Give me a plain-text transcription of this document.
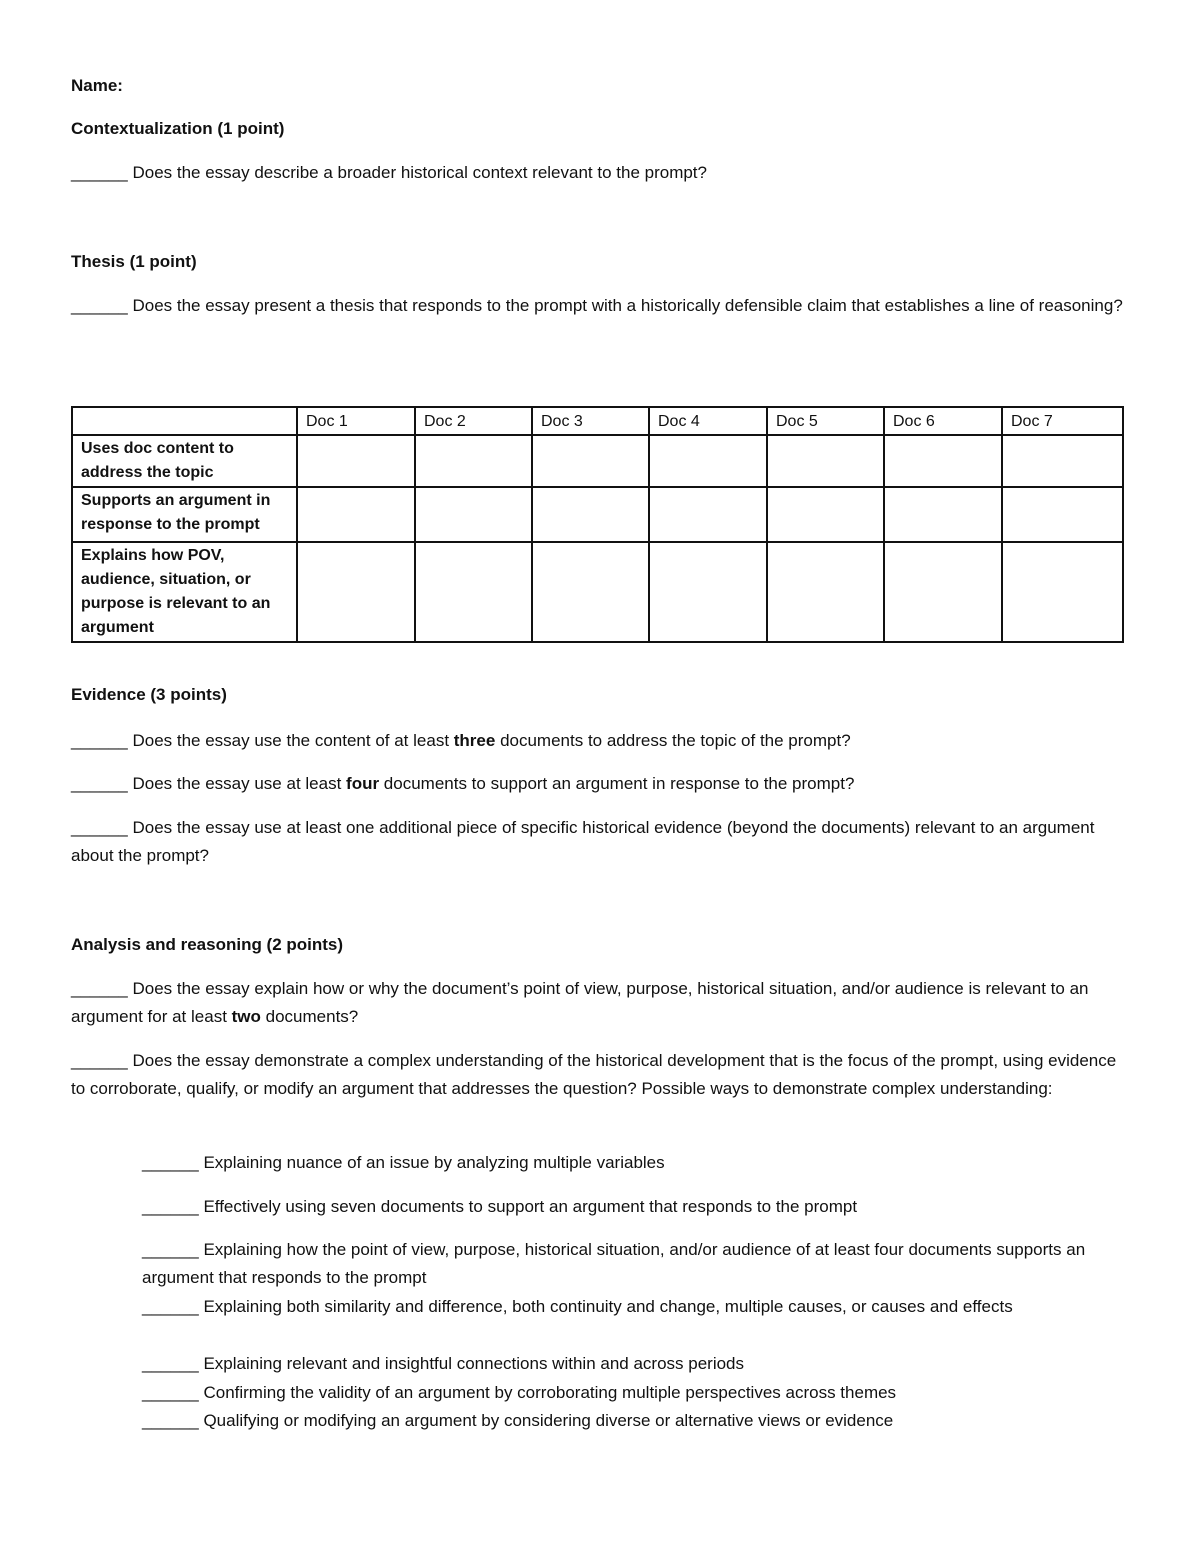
Name:

Contextualization (1 point)

______ Does the essay describe a broader historical context relevant to the prompt?

Thesis (1 point)

______ Does the essay present a thesis that responds to the prompt with a historically defensible claim that establishes a line of reasoning?

	Doc 1	Doc 2	Doc 3	Doc 4	Doc 5	Doc 6	Doc 7
Uses doc content to address the topic							
Supports an argument in response to the prompt							
Explains how POV, audience, situation, or purpose is relevant to an argument							

Evidence (3 points)

______ Does the essay use the content of at least three documents to address the topic of the prompt?

______ Does the essay use at least four documents to support an argument in response to the prompt?

______ Does the essay use at least one additional piece of specific historical evidence (beyond the documents) relevant to an argument about the prompt?

Analysis and reasoning (2 points)

______ Does the essay explain how or why the document’s point of view, purpose, historical situation, and/or audience is relevant to an argument for at least two documents?

______ Does the essay demonstrate a complex understanding of the historical development that is the focus of the prompt, using evidence to corroborate, qualify, or modify an argument that addresses the question? Possible ways to demonstrate complex understanding:

______ Explaining nuance of an issue by analyzing multiple variables

______ Effectively using seven documents to support an argument that responds to the prompt

______ Explaining how the point of view, purpose, historical situation, and/or audience of at least four documents supports an argument that responds to the prompt

______ Explaining both similarity and difference, both continuity and change, multiple causes, or causes and effects

______ Explaining relevant and insightful connections within and across periods

______ Confirming the validity of an argument by corroborating multiple perspectives across themes

______ Qualifying or modifying an argument by considering diverse or alternative views or evidence
